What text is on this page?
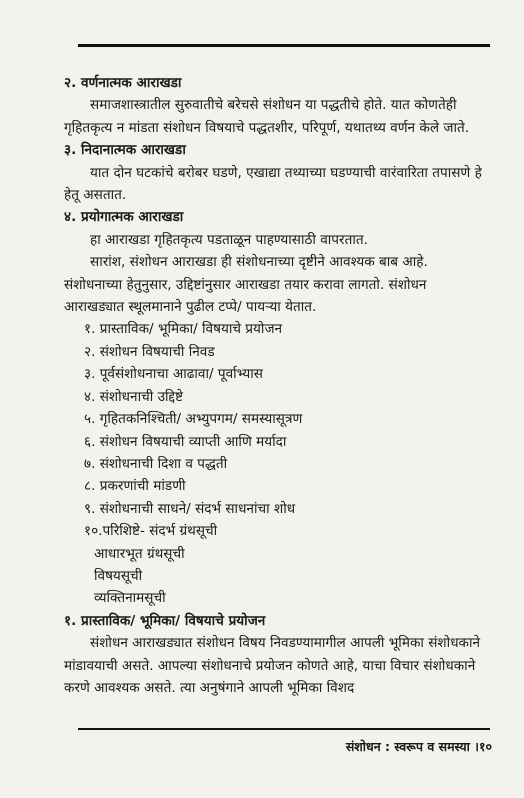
२. वर्णनात्मक आराखडा

समाजशास्त्रातील सुरुवातीचे बरेचसे संशोधन या पद्धतीचे होते. यात कोणतेही गृहितकृत्य न मांडता संशोधन विषयाचे पद्धतशीर, परिपूर्ण, यथातथ्य वर्णन केले जाते.

३. निदानात्मक आराखडा

यात दोन घटकांचे बरोबर घडणे, एखाद्या तथ्याच्या घडण्याची वारंवारिता तपासणे हे हेतू असतात.

४. प्रयोगात्मक आराखडा

हा आराखडा गृहितकृत्य पडताळून पाहण्यासाठी वापरतात.

सारांश, संशोधन आराखडा ही संशोधनाच्या दृष्टीने आवश्यक बाब आहे. संशोधनाच्या हेतुनुसार, उद्दिष्टांनुसार आराखडा तयार करावा लागतो. संशोधन आराखड्यात स्थूलमानाने पुढील टप्पे/ पायऱ्या येतात.

१. प्रास्ताविक/ भूमिका/ विषयाचे प्रयोजन
२. संशोधन विषयाची निवड
३. पूर्वसंशोधनाचा आढावा/ पूर्वाभ्यास
४. संशोधनाची उद्दिष्टे
५. गृहितकनिश्चिती/ अभ्युपगम/ समस्यासूत्रण
६. संशोधन विषयाची व्याप्ती आणि मर्यादा
७. संशोधनाची दिशा व पद्धती
८. प्रकरणांची मांडणी
९. संशोधनाची साधने/ संदर्भ साधनांचा शोध
१०.परिशिष्टे- संदर्भ ग्रंथसूची
आधारभूत ग्रंथसूची
विषयसूची
व्यक्तिनामसूची

१. प्रास्ताविक/ भूमिका/ विषयाचे प्रयोजन

संशोधन आराखड्यात संशोधन विषय निवडण्यामागील आपली भूमिका संशोधकाने मांडावयाची असते. आपल्या संशोधनाचे प्रयोजन कोणते आहे, याचा विचार संशोधकाने करणे आवश्यक असते. त्या अनुषंगाने आपली भूमिका विशद

संशोधन : स्वरूप व समस्या ।१०
